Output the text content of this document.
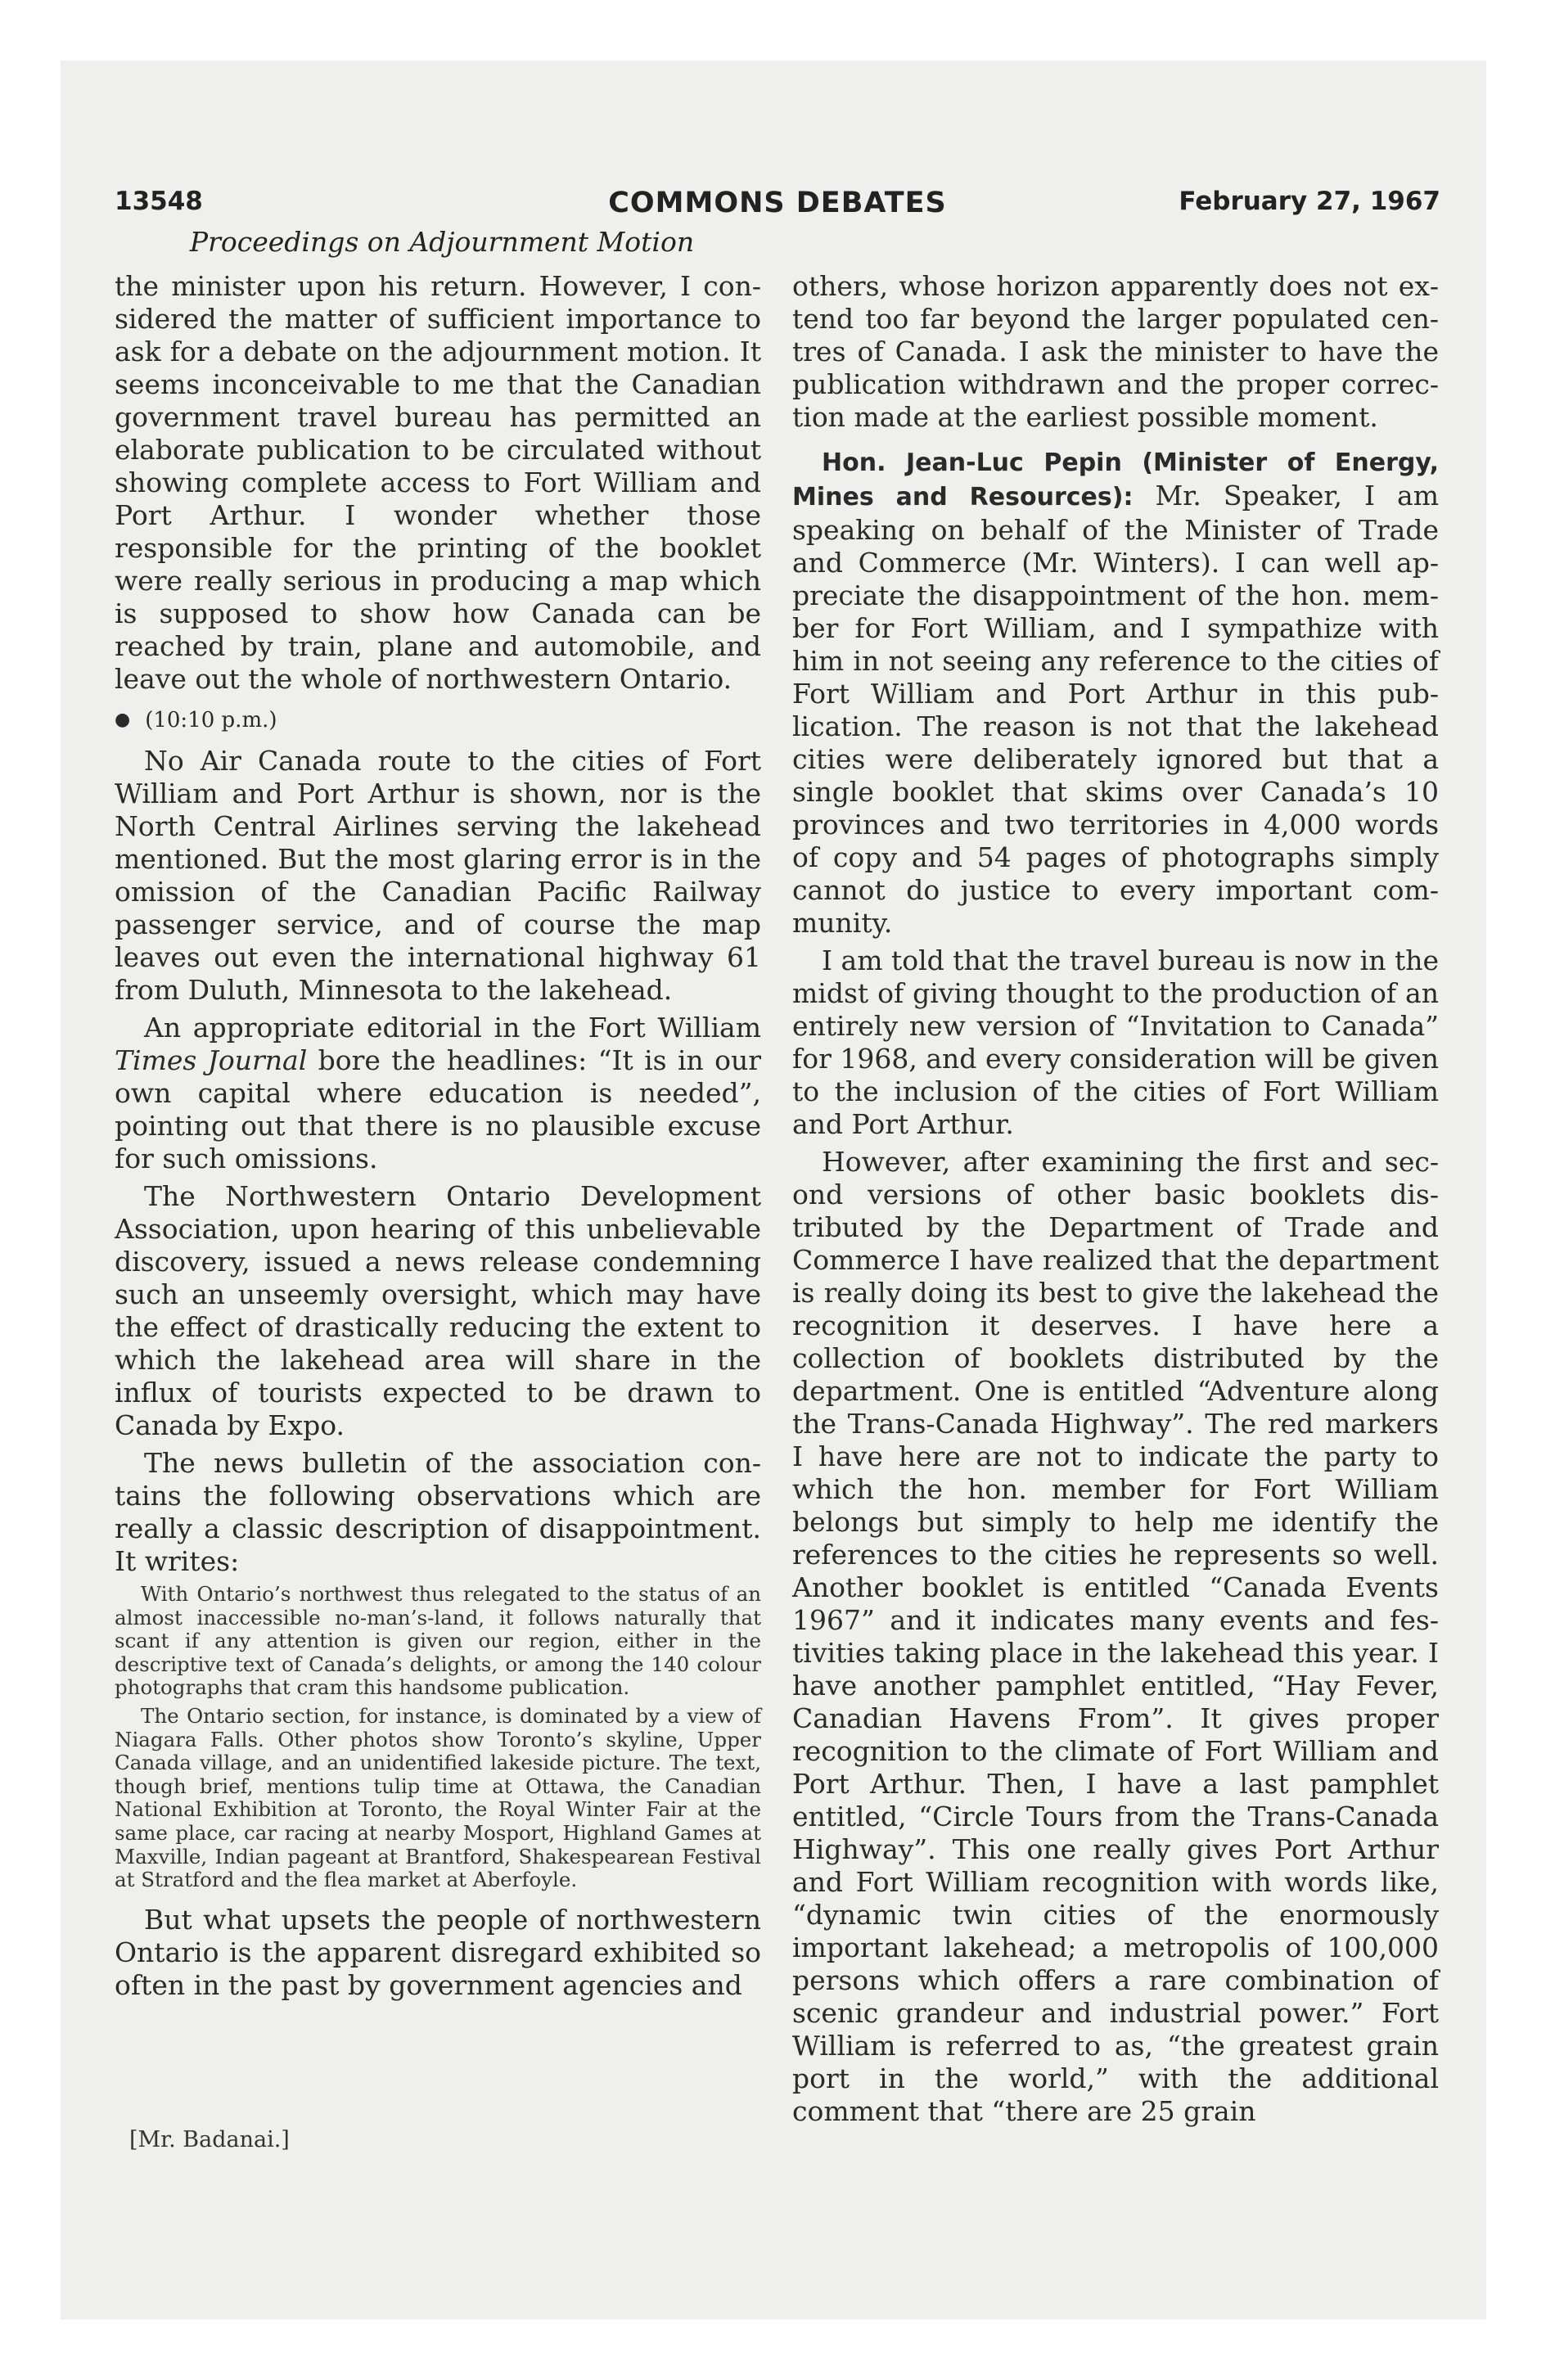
13548	COMMONS DEBATES	February 27, 1967
Proceedings on Adjournment Motion

the minister upon his return. However, I considered the matter of sufficient importance to ask for a debate on the adjournment motion. It seems inconceivable to me that the Canadian government travel bureau has permitted an elaborate publication to be circulated without showing complete access to Fort William and Port Arthur. I wonder whether those responsible for the printing of the booklet were really serious in producing a map which is supposed to show how Canada can be reached by train, plane and automobile, and leave out the whole of northwestern Ontario.

● (10:10 p.m.)

No Air Canada route to the cities of Fort William and Port Arthur is shown, nor is the North Central Airlines serving the lakehead mentioned. But the most glaring error is in the omission of the Canadian Pacific Railway passenger service, and of course the map leaves out even the international highway 61 from Duluth, Minnesota to the lakehead.

An appropriate editorial in the Fort William Times Journal bore the headlines: “It is in our own capital where education is needed”, pointing out that there is no plausible excuse for such omissions.

The Northwestern Ontario Development Association, upon hearing of this unbelievable discovery, issued a news release condemning such an unseemly oversight, which may have the effect of drastically reducing the extent to which the lakehead area will share in the influx of tourists expected to be drawn to Canada by Expo.

The news bulletin of the association contains the following observations which are really a classic description of disappointment. It writes:

With Ontario’s northwest thus relegated to the status of an almost inaccessible no-man’s-land, it follows naturally that scant if any attention is given our region, either in the descriptive text of Canada’s delights, or among the 140 colour photographs that cram this handsome publication.
The Ontario section, for instance, is dominated by a view of Niagara Falls. Other photos show Toronto’s skyline, Upper Canada village, and an unidentified lakeside picture. The text, though brief, mentions tulip time at Ottawa, the Canadian National Exhibition at Toronto, the Royal Winter Fair at the same place, car racing at nearby Mosport, Highland Games at Maxville, Indian pageant at Brantford, Shakespearean Festival at Stratford and the flea market at Aberfoyle.

But what upsets the people of northwestern Ontario is the apparent disregard exhibited so often in the past by government agencies and

[Mr. Badanai.]

others, whose horizon apparently does not extend too far beyond the larger populated centres of Canada. I ask the minister to have the publication withdrawn and the proper correction made at the earliest possible moment.

Hon. Jean-Luc Pepin (Minister of Energy, Mines and Resources): Mr. Speaker, I am speaking on behalf of the Minister of Trade and Commerce (Mr. Winters). I can well appreciate the disappointment of the hon. member for Fort William, and I sympathize with him in not seeing any reference to the cities of Fort William and Port Arthur in this publication. The reason is not that the lakehead cities were deliberately ignored but that a single booklet that skims over Canada’s 10 provinces and two territories in 4,000 words of copy and 54 pages of photographs simply cannot do justice to every important community.

I am told that the travel bureau is now in the midst of giving thought to the production of an entirely new version of “Invitation to Canada” for 1968, and every consideration will be given to the inclusion of the cities of Fort William and Port Arthur.

However, after examining the first and second versions of other basic booklets distributed by the Department of Trade and Commerce I have realized that the department is really doing its best to give the lakehead the recognition it deserves. I have here a collection of booklets distributed by the department. One is entitled “Adventure along the Trans-Canada Highway”. The red markers I have here are not to indicate the party to which the hon. member for Fort William belongs but simply to help me identify the references to the cities he represents so well. Another booklet is entitled “Canada Events 1967” and it indicates many events and festivities taking place in the lakehead this year. I have another pamphlet entitled, “Hay Fever, Canadian Havens From”. It gives proper recognition to the climate of Fort William and Port Arthur. Then, I have a last pamphlet entitled, “Circle Tours from the Trans-Canada Highway”. This one really gives Port Arthur and Fort William recognition with words like, “dynamic twin cities of the enormously important lakehead; a metropolis of 100,000 persons which offers a rare combination of scenic grandeur and industrial power.” Fort William is referred to as, “the greatest grain port in the world,” with the additional comment that “there are 25 grain
